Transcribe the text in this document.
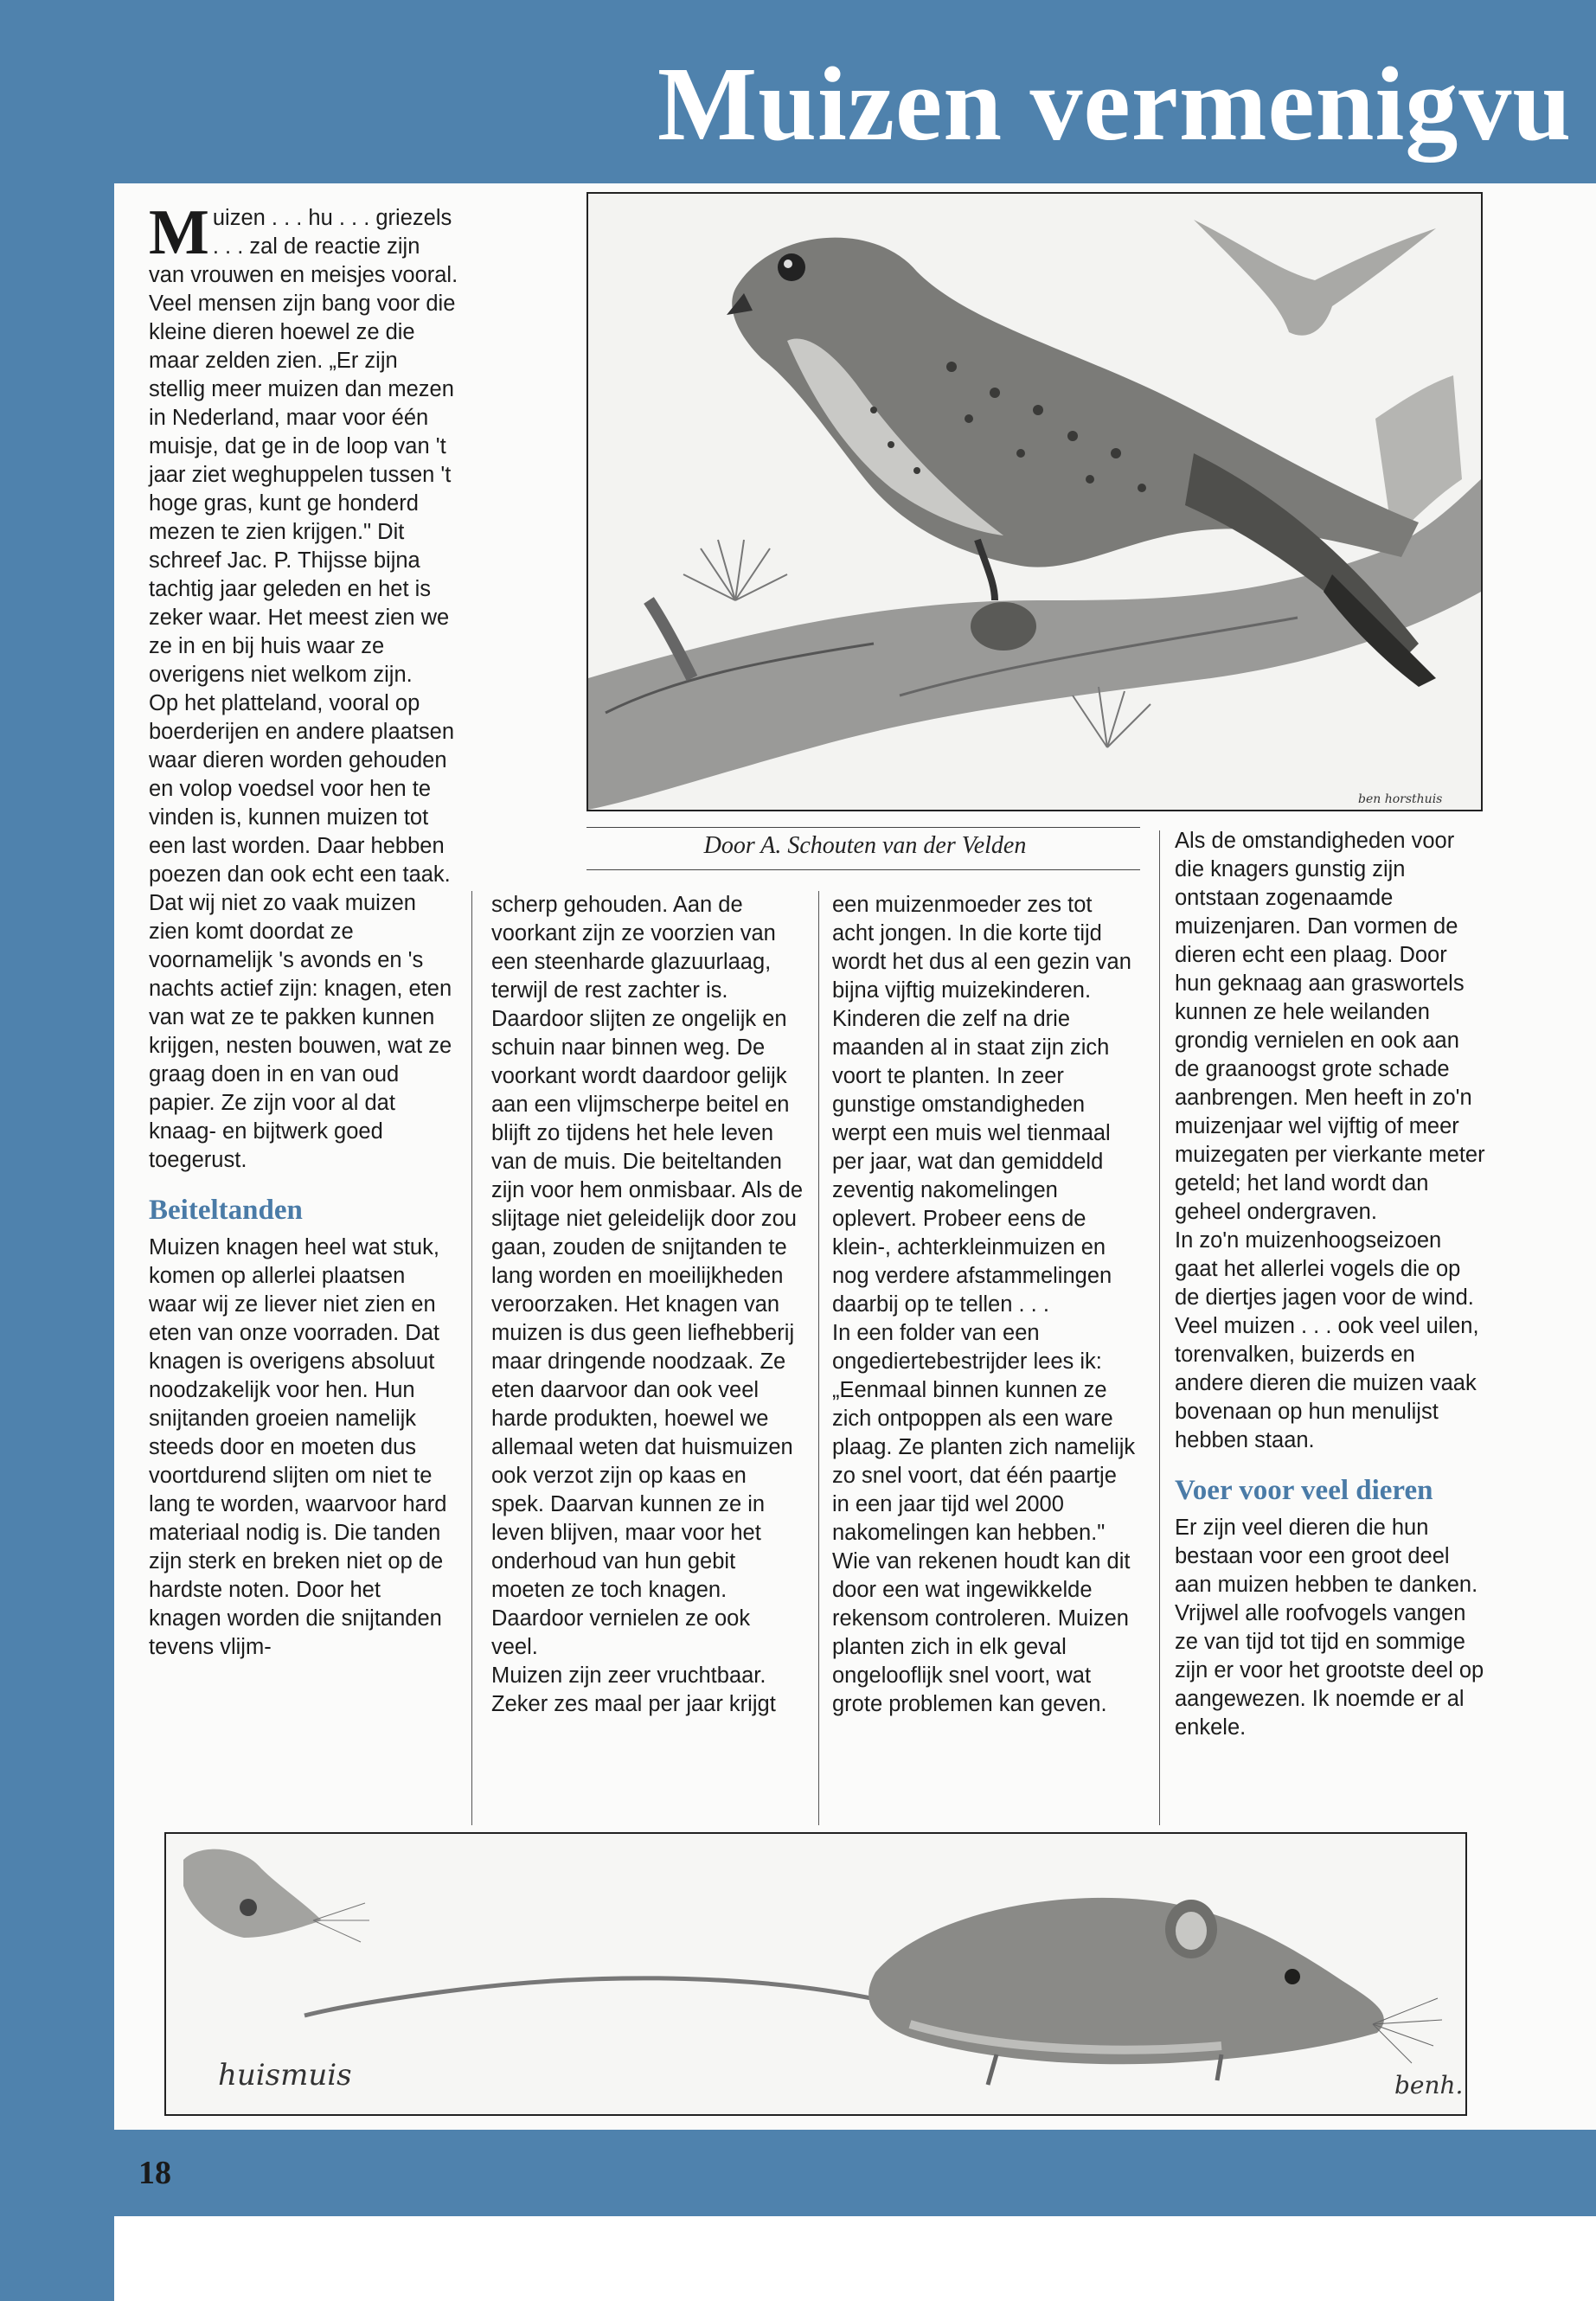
Muizen vermenigvu

Muizen . . . hu . . . griezels . . . zal de reactie zijn van vrouwen en meisjes vooral. Veel mensen zijn bang voor die kleine dieren hoewel ze die maar zelden zien. „Er zijn stellig meer muizen dan mezen in Nederland, maar voor één muisje, dat ge in de loop van 't jaar ziet weghuppelen tussen 't hoge gras, kunt ge honderd mezen te zien krijgen." Dit schreef Jac. P. Thijsse bijna tachtig jaar geleden en het is zeker waar. Het meest zien we ze in en bij huis waar ze overigens niet welkom zijn.

Op het platteland, vooral op boerderijen en andere plaatsen waar dieren worden gehouden en volop voedsel voor hen te vinden is, kunnen muizen tot een last worden. Daar hebben poezen dan ook echt een taak. Dat wij niet zo vaak muizen zien komt doordat ze voornamelijk 's avonds en 's nachts actief zijn: knagen, eten van wat ze te pakken kunnen krijgen, nesten bouwen, wat ze graag doen in en van oud papier. Ze zijn voor al dat knaag- en bijtwerk goed toegerust.

Beiteltanden

Muizen knagen heel wat stuk, komen op allerlei plaatsen waar wij ze liever niet zien en eten van onze voorraden. Dat knagen is overigens absoluut noodzakelijk voor hen. Hun snijtanden groeien namelijk steeds door en moeten dus voortdurend slijten om niet te lang te worden, waarvoor hard materiaal nodig is. Die tanden zijn sterk en breken niet op de hardste noten. Door het knagen worden die snijtanden tevens vlijm-

ben horsthuis
Door A. Schouten van der Velden

scherp gehouden. Aan de voorkant zijn ze voorzien van een steenharde glazuurlaag, terwijl de rest zachter is. Daardoor slijten ze ongelijk en schuin naar binnen weg. De voorkant wordt daardoor gelijk aan een vlijmscherpe beitel en blijft zo tijdens het hele leven van de muis. Die beiteltanden zijn voor hem onmisbaar. Als de slijtage niet geleidelijk door zou gaan, zouden de snijtanden te lang worden en moeilijkheden veroorzaken. Het knagen van muizen is dus geen liefhebberij maar dringende noodzaak. Ze eten daarvoor dan ook veel harde produkten, hoewel we allemaal weten dat huismuizen ook verzot zijn op kaas en spek. Daarvan kunnen ze in leven blijven, maar voor het onderhoud van hun gebit moeten ze toch knagen. Daardoor vernielen ze ook veel.

Muizen zijn zeer vruchtbaar. Zeker zes maal per jaar krijgt

een muizenmoeder zes tot acht jongen. In die korte tijd wordt het dus al een gezin van bijna vijftig muizekinderen. Kinderen die zelf na drie maanden al in staat zijn zich voort te planten. In zeer gunstige omstandigheden werpt een muis wel tienmaal per jaar, wat dan gemiddeld zeventig nakomelingen oplevert. Probeer eens de klein-, achterkleinmuizen en nog verdere afstammelingen daarbij op te tellen . . .

In een folder van een ongediertebestrijder lees ik: „Eenmaal binnen kunnen ze zich ontpoppen als een ware plaag. Ze planten zich namelijk zo snel voort, dat één paartje in een jaar tijd wel 2000 nakomelingen kan hebben." Wie van rekenen houdt kan dit door een wat ingewikkelde rekensom controleren. Muizen planten zich in elk geval ongelooflijk snel voort, wat grote problemen kan geven.

Als de omstandigheden voor die knagers gunstig zijn ontstaan zogenaamde muizenjaren. Dan vormen de dieren echt een plaag. Door hun geknaag aan graswortels kunnen ze hele weilanden grondig vernielen en ook aan de graanoogst grote schade aanbrengen. Men heeft in zo'n muizenjaar wel vijftig of meer muizegaten per vierkante meter geteld; het land wordt dan geheel ondergraven.

In zo'n muizenhoogseizoen gaat het allerlei vogels die op de diertjes jagen voor de wind. Veel muizen . . . ook veel uilen, torenvalken, buizerds en andere dieren die muizen vaak bovenaan op hun menulijst hebben staan.

Voer voor veel dieren

Er zijn veel dieren die hun bestaan voor een groot deel aan muizen hebben te danken. Vrijwel alle roofvogels vangen ze van tijd tot tijd en sommige zijn er voor het grootste deel op aangewezen. Ik noemde er al enkele.

huismuis	benh.
18
